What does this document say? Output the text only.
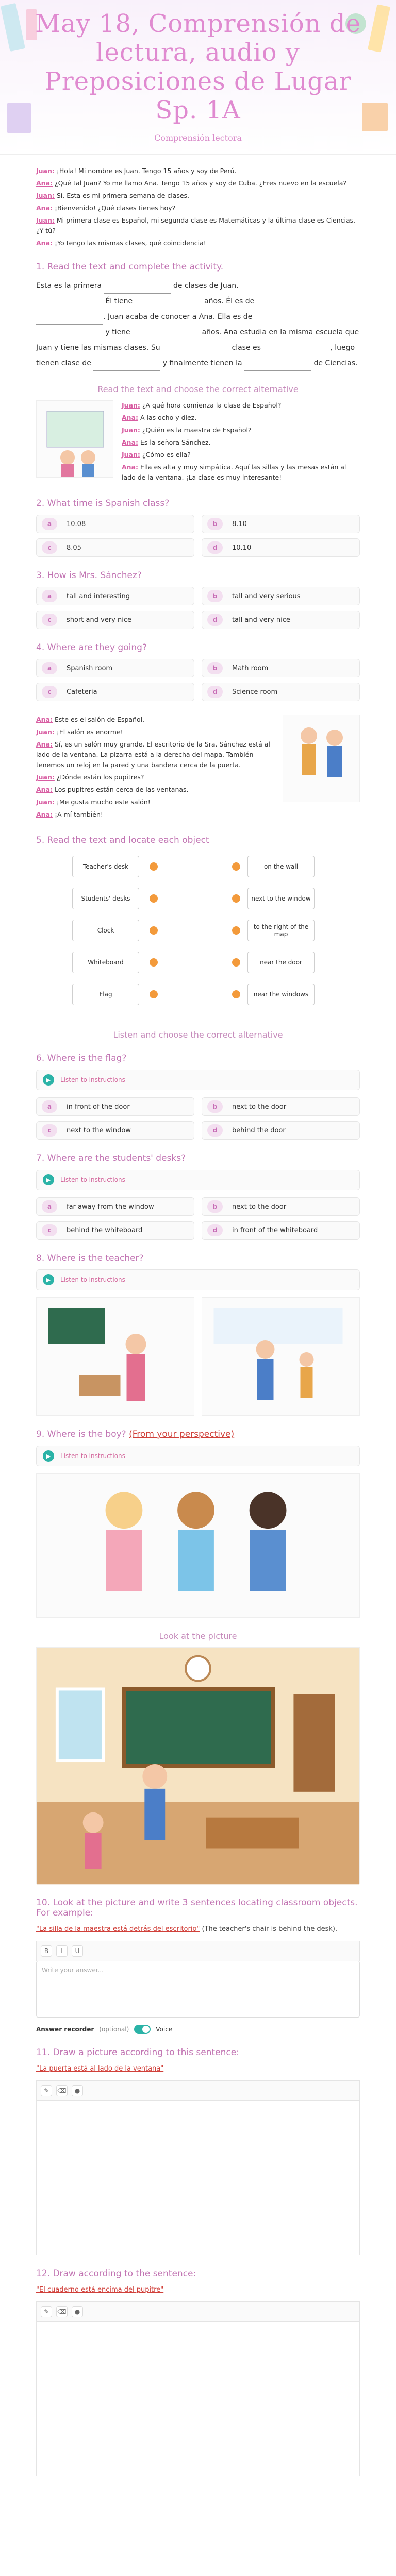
May 18, Comprensión de lectura, audio y Preposiciones de Lugar Sp. 1A
Comprensión lectora

Juan: ¡Hola! Mi nombre es Juan. Tengo 15 años y soy de Perú.

Ana: ¿Qué tal Juan? Yo me llamo Ana. Tengo 15 años y soy de Cuba. ¿Eres nuevo en la escuela?

Juan: Sí. Esta es mi primera semana de clases.

Ana: ¡Bienvenido! ¿Qué clases tienes hoy?

Juan: Mi primera clase es Español, mi segunda clase es Matemáticas y la última clase es Ciencias. ¿Y tú?

Ana: ¡Yo tengo las mismas clases, qué coincidencia!

1. Read the text and complete the activity.
Esta es la primera	de clases de Juan.
Él tiene	años. Él es de
. Juan acaba de conocer a Ana. Ella es de
y tiene	años. Ana estudia en la misma escuela que Juan y tiene las mismas clases. Su	clase es	, luego tienen clase de	y finalmente tienen la	de Ciencias.
Read the text and choose the correct alternative

Juan: ¿A qué hora comienza la clase de Español?

Ana: A las ocho y diez.

Juan: ¿Quién es la maestra de Español?

Ana: Es la señora Sánchez.

Juan: ¿Cómo es ella?

Ana: Ella es alta y muy simpática. Aquí las sillas y las mesas están al lado de la ventana. ¡La clase es muy interesante!

2. What time is Spanish class?
a	10.08	b	8.10
c	8.05	d	10.10
3. How is Mrs. Sánchez?
a	tall and interesting	b	tall and very serious
c	short and very nice	d	tall and very nice
4. Where are they going?
a	Spanish room	b	Math room
c	Cafeteria	d	Science room

Ana: Este es el salón de Español.

Juan: ¡El salón es enorme!

Ana: Sí, es un salón muy grande. El escritorio de la Sra. Sánchez está al lado de la ventana. La pizarra está a la derecha del mapa. También tenemos un reloj en la pared y una bandera cerca de la puerta.

Juan: ¿Dónde están los pupitres?

Ana: Los pupitres están cerca de las ventanas.

Juan: ¡Me gusta mucho este salón!

Ana: ¡A mí también!

5. Read the text and locate each object
Teacher's desk	on the wall
Students' desks	next to the window
Clock	to the right of the map
Whiteboard	near the door
Flag	near the windows
Listen and choose the correct alternative
6. Where is the flag?
▶	Listen to instructions
a	in front of the door	b	next to the door
c	next to the window	d	behind the door
7. Where are the students' desks?
▶	Listen to instructions
a	far away from the window	b	next to the door
c	behind the whiteboard	d	in front of the whiteboard
8. Where is the teacher?
▶	Listen to instructions
9. Where is the boy? (From your perspective)
▶	Listen to instructions
Look at the picture
10. Look at the picture and write 3 sentences locating classroom objects. For example:
"La silla de la maestra está detrás del escritorio" (The teacher's chair is behind the desk).
B	I	U
Write your answer...
Answer recorder (optional)	Voice
11. Draw a picture according to this sentence:
"La puerta está al lado de la ventana"
✎	⌫	●
12. Draw according to the sentence:
"El cuaderno está encima del pupitre"
✎	⌫	●
